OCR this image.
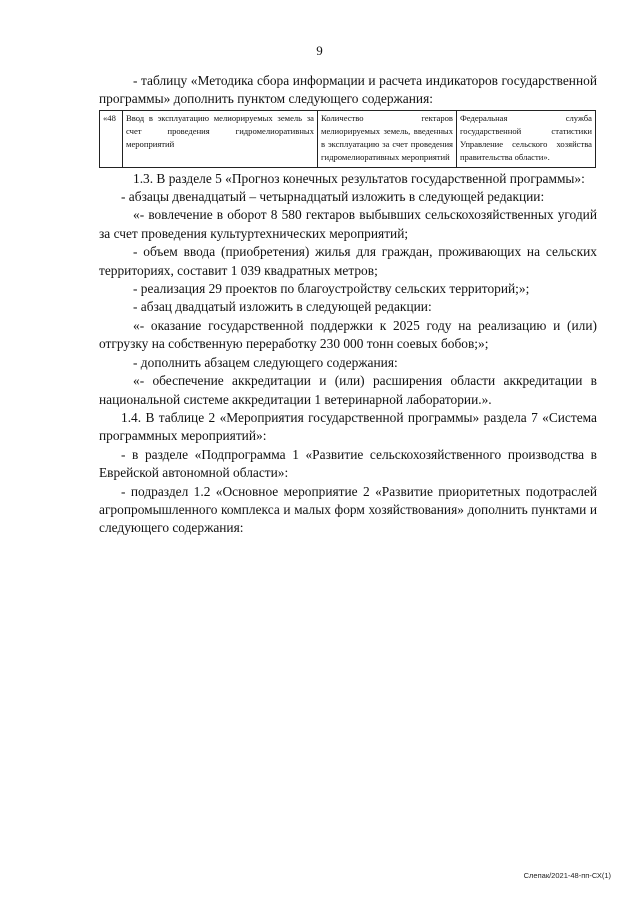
9

- таблицу «Методика сбора информации и расчета индикаторов государственной программы» дополнить пунктом следующего содержания:

«48	Ввод в эксплуатацию мелиорируемых земель за счет проведения гидромелиоративных мероприятий	Количество гектаров мелиорируемых земель, введенных в эксплуатацию за счет проведения гидромелиоративных мероприятий	Федеральная служба государственной статистики Управление сельского хозяйства правительства области».

1.3. В разделе 5 «Прогноз конечных результатов государственной программы»:

- абзацы двенадцатый – четырнадцатый изложить в следующей редакции:

«- вовлечение в оборот 8 580 гектаров выбывших сельскохозяйственных угодий за счет проведения культуртехнических мероприятий;

- объем ввода (приобретения) жилья для граждан, проживающих на сельских территориях, составит 1 039 квадратных метров;

- реализация 29 проектов по благоустройству сельских территорий;»;

- абзац двадцатый изложить в следующей редакции:

«- оказание государственной поддержки к 2025 году на реализацию и (или) отгрузку на собственную переработку 230 000 тонн соевых бобов;»;

- дополнить абзацем следующего содержания:

«- обеспечение аккредитации и (или) расширения области аккредитации в национальной системе аккредитации 1 ветеринарной лаборатории.».

1.4. В таблице 2 «Мероприятия государственной программы» раздела 7 «Система программных мероприятий»:

- в разделе «Подпрограмма 1 «Развитие сельскохозяйственного производства в Еврейской автономной области»:

- подраздел 1.2 «Основное мероприятие 2 «Развитие приоритетных подотраслей агропромышленного комплекса и малых форм хозяйствования» дополнить пунктами и следующего содержания:

Слепак/2021-48-пп-СХ(1)
